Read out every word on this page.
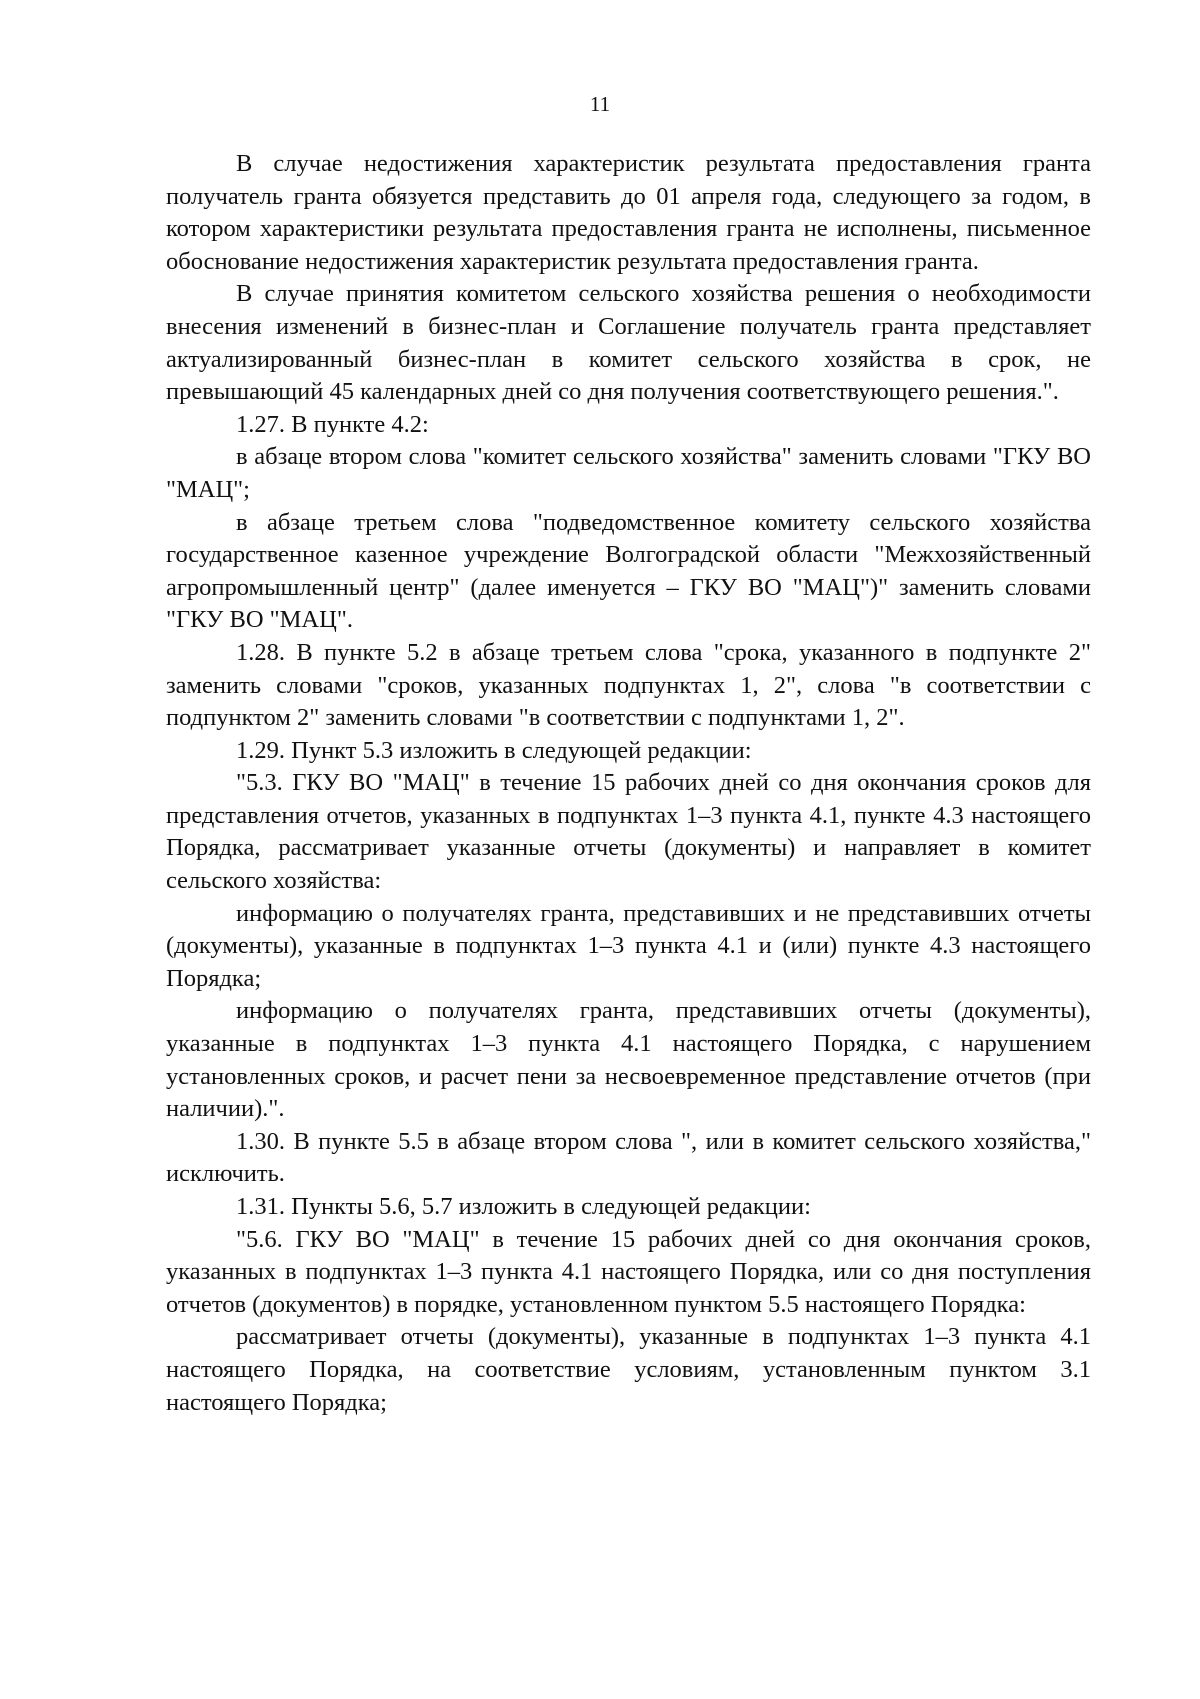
11

В случае недостижения характеристик результата предоставления гранта получатель гранта обязуется представить до 01 апреля года, следующего за годом, в котором характеристики результата предоставления гранта не исполнены, письменное обоснование недостижения характеристик результата предоставления гранта.

В случае принятия комитетом сельского хозяйства решения о необходимости внесения изменений в бизнес-план и Соглашение получатель гранта представляет актуализированный бизнес-план в комитет сельского хозяйства в срок, не превышающий 45 календарных дней со дня получения соответствующего решения.".

1.27. В пункте 4.2:

в абзаце втором слова "комитет сельского хозяйства" заменить словами "ГКУ ВО "МАЦ";

в абзаце третьем слова "подведомственное комитету сельского хозяйства государственное казенное учреждение Волгоградской области "Межхозяйственный агропромышленный центр" (далее именуется – ГКУ ВО "МАЦ")" заменить словами "ГКУ ВО "МАЦ".

1.28. В пункте 5.2 в абзаце третьем слова "срока, указанного в подпункте 2" заменить словами "сроков, указанных подпунктах 1, 2", слова "в соответствии с подпунктом 2" заменить словами "в соответствии с подпунктами 1, 2".

1.29. Пункт 5.3 изложить в следующей редакции:

"5.3. ГКУ ВО "МАЦ" в течение 15 рабочих дней со дня окончания сроков для представления отчетов, указанных в подпунктах 1–3 пункта 4.1, пункте 4.3 настоящего Порядка, рассматривает указанные отчеты (документы) и направляет в комитет сельского хозяйства:

информацию о получателях гранта, представивших и не представивших отчеты (документы), указанные в подпунктах 1–3 пункта 4.1 и (или) пункте 4.3 настоящего Порядка;

информацию о получателях гранта, представивших отчеты (документы), указанные в подпунктах 1–3 пункта 4.1 настоящего Порядка, с нарушением установленных сроков, и расчет пени за несвоевременное представление отчетов (при наличии).".

1.30. В пункте 5.5 в абзаце втором слова ", или в комитет сельского хозяйства," исключить.

1.31. Пункты 5.6, 5.7 изложить в следующей редакции:

"5.6. ГКУ ВО "МАЦ" в течение 15 рабочих дней со дня окончания сроков, указанных в подпунктах 1–3 пункта 4.1 настоящего Порядка, или со дня поступления отчетов (документов) в порядке, установленном пунктом 5.5 настоящего Порядка:

рассматривает отчеты (документы), указанные в подпунктах 1–3 пункта 4.1 настоящего Порядка, на соответствие условиям, установленным пунктом 3.1 настоящего Порядка;
